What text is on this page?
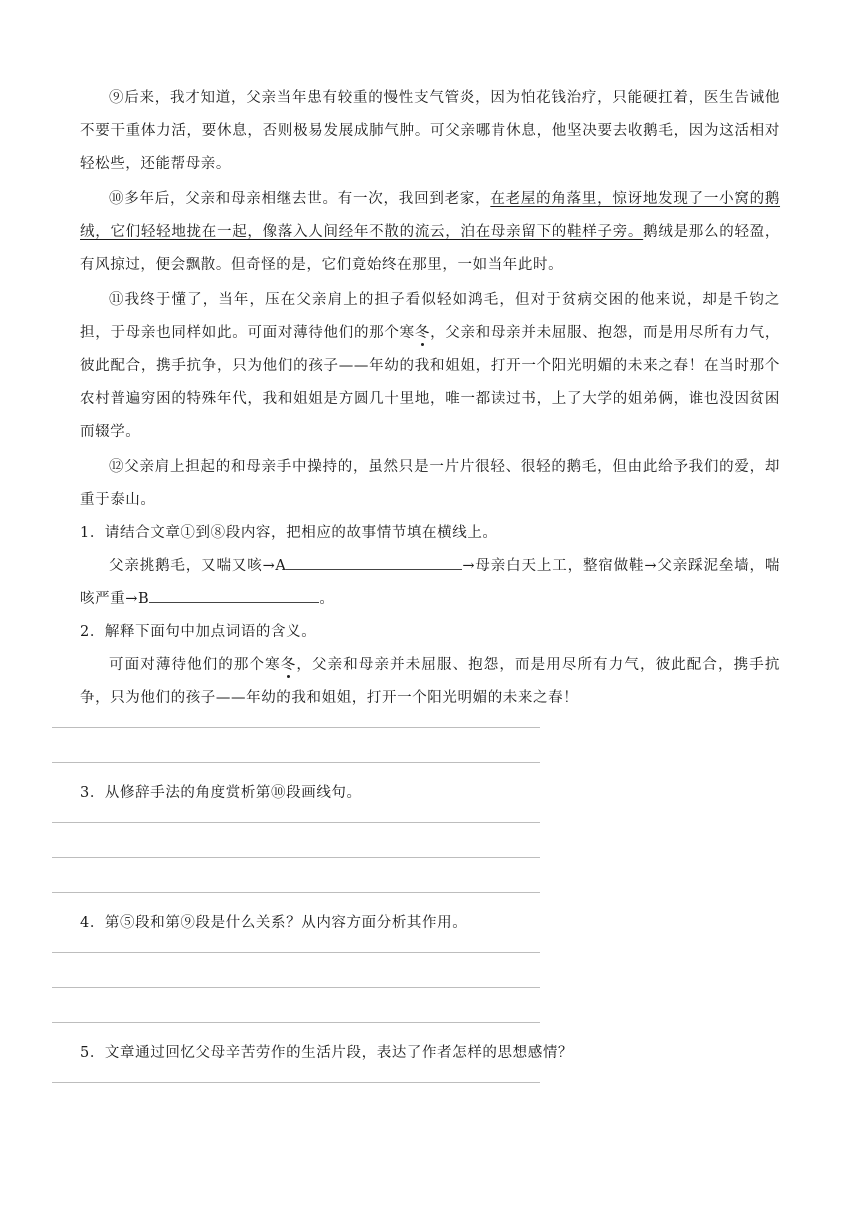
⑨后来，我才知道，父亲当年患有较重的慢性支气管炎，因为怕花钱治疗，只能硬扛着，医生告诫他不要干重体力活，要休息，否则极易发展成肺气肿。可父亲哪肯休息，他坚决要去收鹅毛，因为这活相对轻松些，还能帮母亲。

⑩多年后，父亲和母亲相继去世。有一次，我回到老家，在老屋的角落里，惊讶地发现了一小窝的鹅绒，它们轻轻地拢在一起，像落入人间经年不散的流云，泊在母亲留下的鞋样子旁。鹅绒是那么的轻盈，有风掠过，便会飘散。但奇怪的是，它们竟始终在那里，一如当年此时。

⑪我终于懂了，当年，压在父亲肩上的担子看似轻如鸿毛，但对于贫病交困的他来说，却是千钧之担，于母亲也同样如此。可面对薄待他们的那个寒冬，父亲和母亲并未屈服、抱怨，而是用尽所有力气，彼此配合，携手抗争，只为他们的孩子——年幼的我和姐姐，打开一个阳光明媚的未来之春！在当时那个农村普遍穷困的特殊年代，我和姐姐是方圆几十里地，唯一都读过书，上了大学的姐弟俩，谁也没因贫困而辍学。

⑫父亲肩上担起的和母亲手中操持的，虽然只是一片片很轻、很轻的鹅毛，但由此给予我们的爱，却重于泰山。

1．请结合文章①到⑧段内容，把相应的故事情节填在横线上。

父亲挑鹅毛，又喘又咳→A	→母亲白天上工，整宿做鞋→父亲踩泥垒墙，喘咳严重→B	。

2．解释下面句中加点词语的含义。

可面对薄待他们的那个寒冬，父亲和母亲并未屈服、抱怨，而是用尽所有力气，彼此配合，携手抗争，只为他们的孩子——年幼的我和姐姐，打开一个阳光明媚的未来之春！

3．从修辞手法的角度赏析第⑩段画线句。

4．第⑤段和第⑨段是什么关系？从内容方面分析其作用。

5．文章通过回忆父母辛苦劳作的生活片段，表达了作者怎样的思想感情？
